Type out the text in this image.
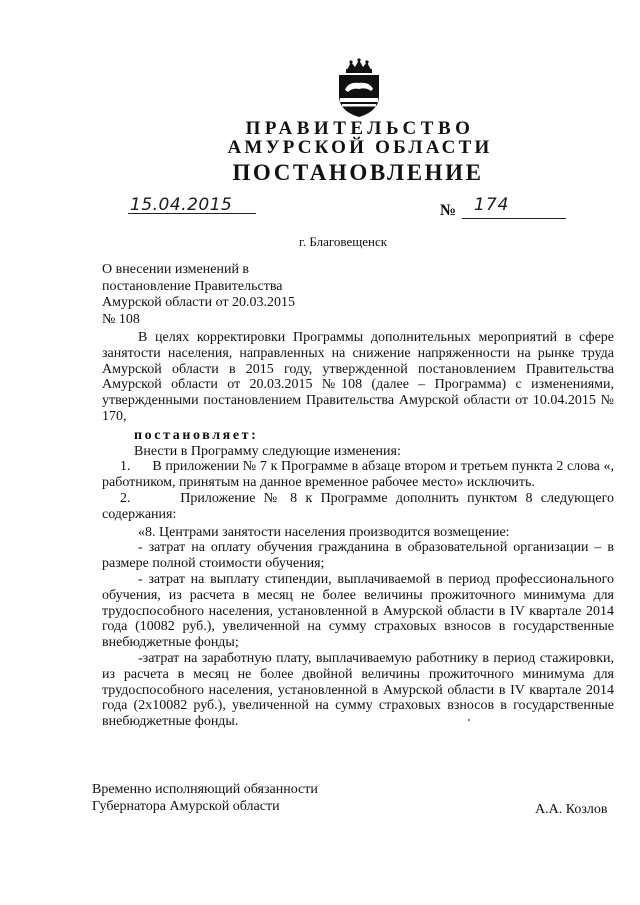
ПРАВИТЕЛЬСТВО
АМУРСКОЙ ОБЛАСТИ
ПОСТАНОВЛЕНИЕ
15.04.2015	№ 174
г. Благовещенск
О внесении изменений в
постановление Правительства
Амурской области от 20.03.2015
№ 108

В целях корректировки Программы дополнительных мероприятий в сфере занятости населения, направленных на снижение напряженности на рынке труда Амурской области в 2015 году, утвержденной постановлением Правительства Амурской области от 20.03.2015 №108 (далее – Программа) с изменениями, утвержденными постановлением Правительства Амурской области от 10.04.2015 № 170,

постановляет:

Внести в Программу следующие изменения:

1.      В приложении № 7 к Программе в абзаце втором и третьем пункта 2 слова «, работником, принятым на данное временное рабочее место» исключить.

2.      Приложение № 8 к Программе дополнить пунктом 8 следующего содержания:

«8. Центрами занятости населения производится возмещение:

- затрат на оплату обучения гражданина в образовательной организации – в размере полной стоимости обучения;

- затрат на выплату стипендии, выплачиваемой в период профессионального обучения, из расчета в месяц не более величины прожиточного минимума для трудоспособного населения, установленной в Амурской области в IV квартале 2014 года (10082 руб.), увеличенной на сумму страховых взносов в государственные внебюджетные фонды;

-затрат на заработную плату, выплачиваемую работнику в период стажировки, из расчета в месяц не более двойной величины прожиточного минимума для трудоспособного населения, установленной в Амурской области в IV квартале 2014 года (2х10082 руб.), увеличенной на сумму страховых взносов в государственные внебюджетные фонды.

Временно исполняющий обязанности
Губернатора Амурской области	А.А. Козлов
